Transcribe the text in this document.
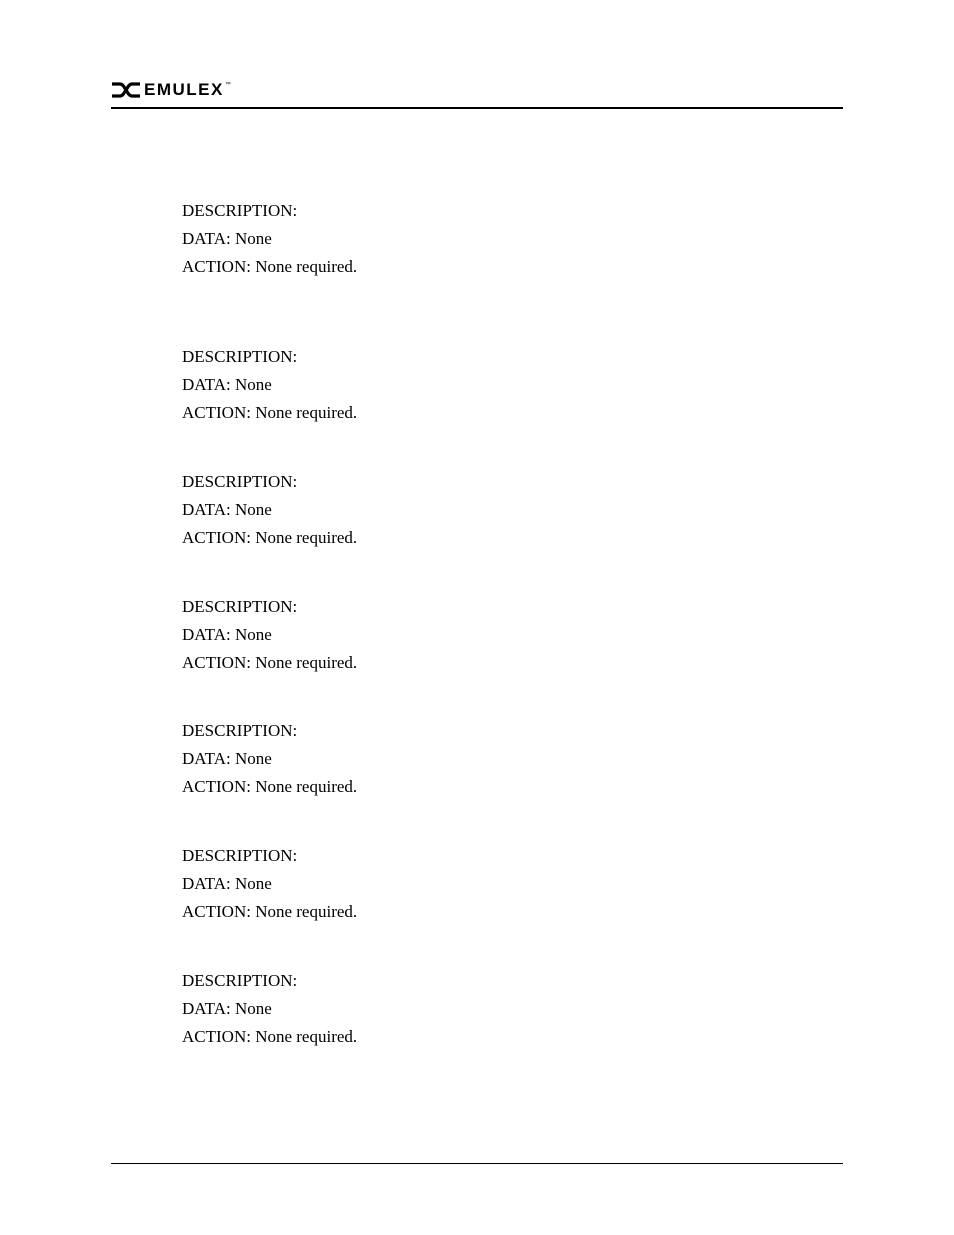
EMULEX ™
DESCRIPTION:
DATA: None
ACTION: None required.
DESCRIPTION:
DATA: None
ACTION: None required.
DESCRIPTION:
DATA: None
ACTION: None required.
DESCRIPTION:
DATA: None
ACTION: None required.
DESCRIPTION:
DATA: None
ACTION: None required.
DESCRIPTION:
DATA: None
ACTION: None required.
DESCRIPTION:
DATA: None
ACTION: None required.
